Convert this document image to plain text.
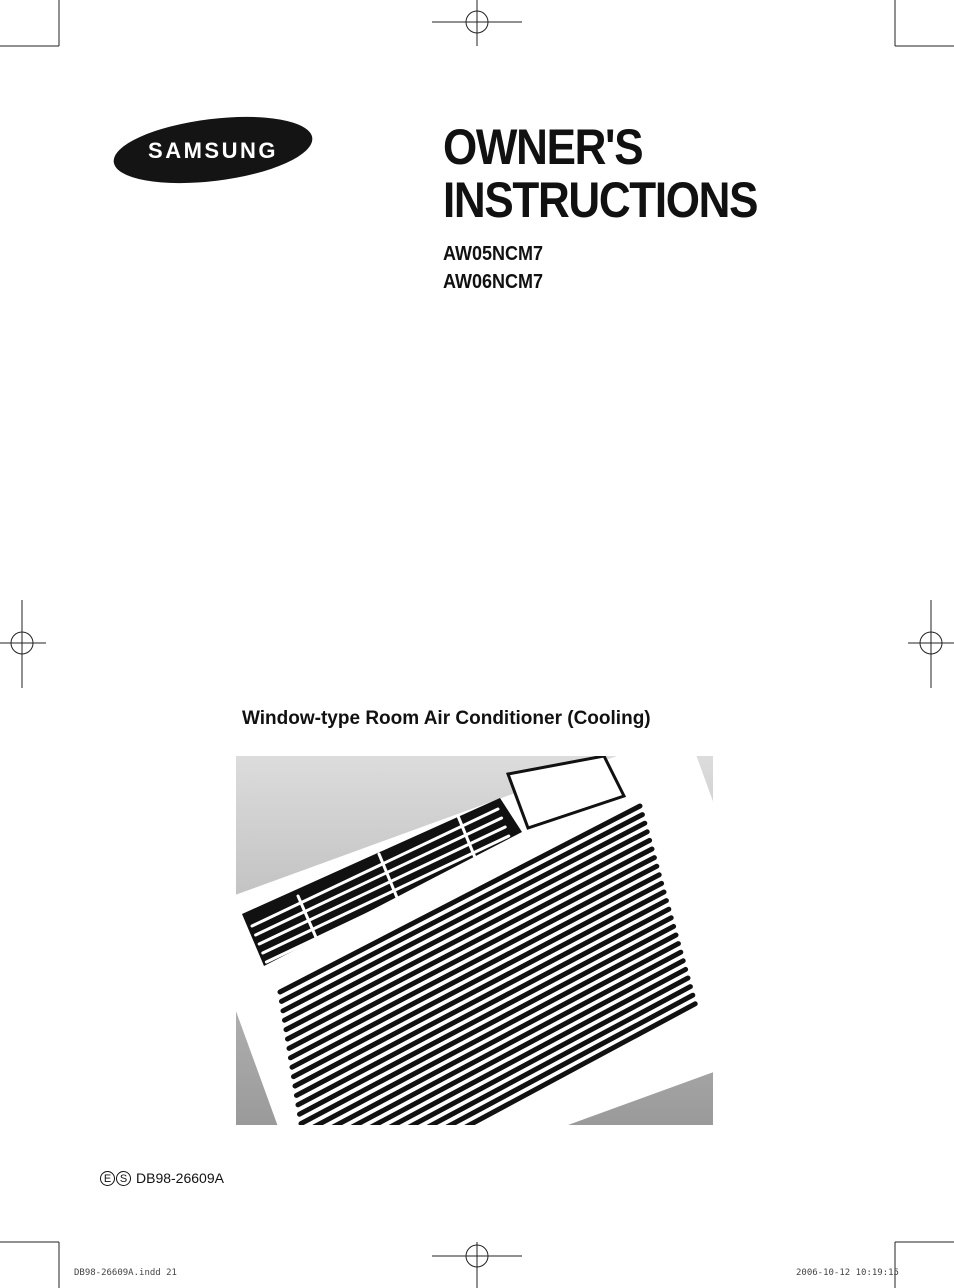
SAMSUNG	OWNER'S
INSTRUCTIONS
AW05NCM7
AW06NCM7
Window-type Room Air Conditioner (Cooling)
E S DB98-26609A
DB98-26609A.indd 21	2006-10-12 10:19:15
